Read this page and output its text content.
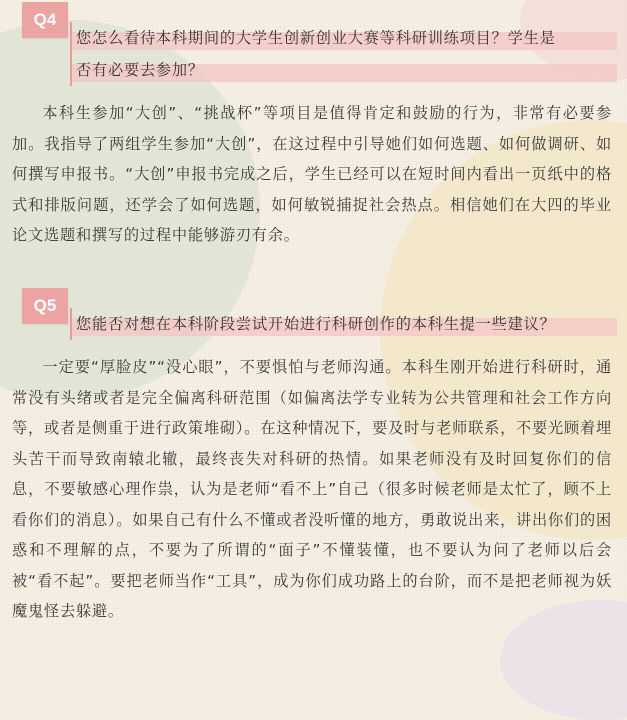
Q4
您怎么看待本科期间的大学生创新创业大赛等科研训练项目？学生是
否有必要去参加？
本科生参加“大创”、“挑战杯”等项目是值得肯定和鼓励的行为，非常有必要参加。我指导了两组学生参加“大创”，在这过程中引导她们如何选题、如何做调研、如何撰写申报书。“大创”申报书完成之后，学生已经可以在短时间内看出一页纸中的格式和排版问题，还学会了如何选题，如何敏锐捕捉社会热点。相信她们在大四的毕业论文选题和撰写的过程中能够游刃有余。
Q5
您能否对想在本科阶段尝试开始进行科研创作的本科生提一些建议？
一定要“厚脸皮”“没心眼”，不要惧怕与老师沟通。本科生刚开始进行科研时，通常没有头绪或者是完全偏离科研范围（如偏离法学专业转为公共管理和社会工作方向等，或者是侧重于进行政策堆砌）。在这种情况下，要及时与老师联系，不要光顾着埋头苦干而导致南辕北辙，最终丧失对科研的热情。如果老师没有及时回复你们的信息，不要敏感心理作祟，认为是老师“看不上”自己（很多时候老师是太忙了，顾不上看你们的消息）。如果自己有什么不懂或者没听懂的地方，勇敢说出来，讲出你们的困惑和不理解的点，不要为了所谓的“面子”不懂装懂，也不要认为问了老师以后会被“看不起”。要把老师当作“工具”，成为你们成功路上的台阶，而不是把老师视为妖魔鬼怪去躲避。
